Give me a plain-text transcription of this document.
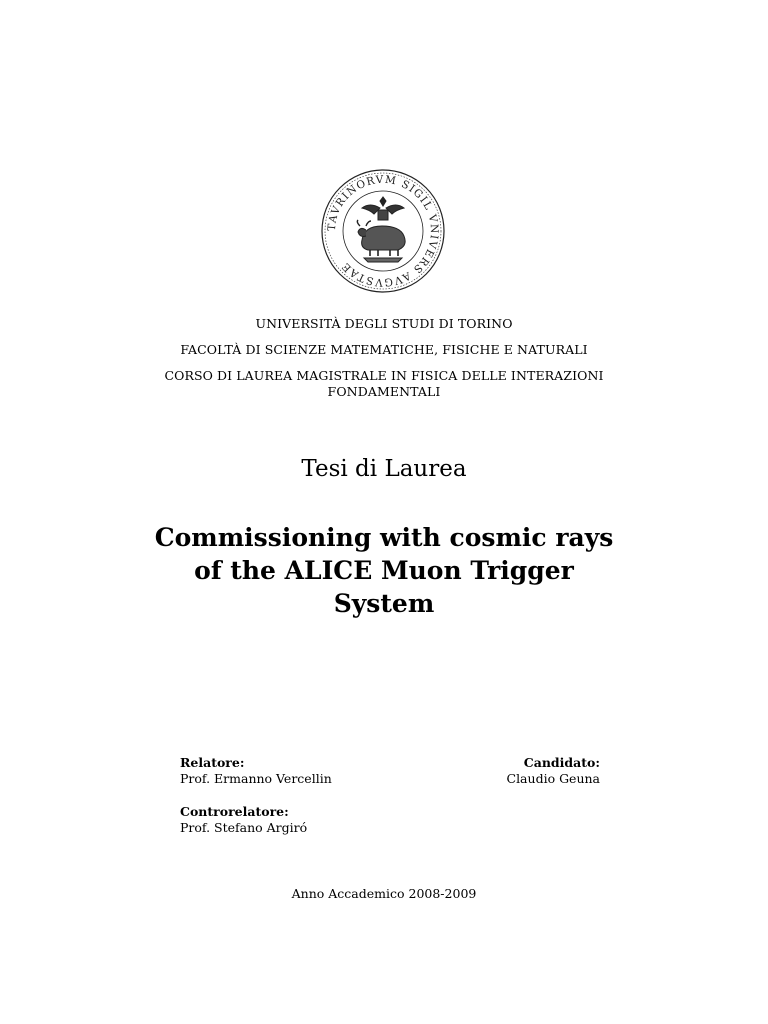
TAVRINORVM SIGIL VNIVERS AVGVSTAE
UNIVERSITÀ DEGLI STUDI DI TORINO
FACOLTÀ DI SCIENZE MATEMATICHE, FISICHE E NATURALI
CORSO DI LAUREA MAGISTRALE IN FISICA DELLE INTERAZIONI
FONDAMENTALI
Tesi di Laurea
Commissioning with cosmic rays
of the ALICE Muon Trigger
System
Relatore:
Prof. Ermanno Vercellin
Candidato:
Claudio Geuna
Controrelatore:
Prof. Stefano Argiró
Anno Accademico 2008-2009
